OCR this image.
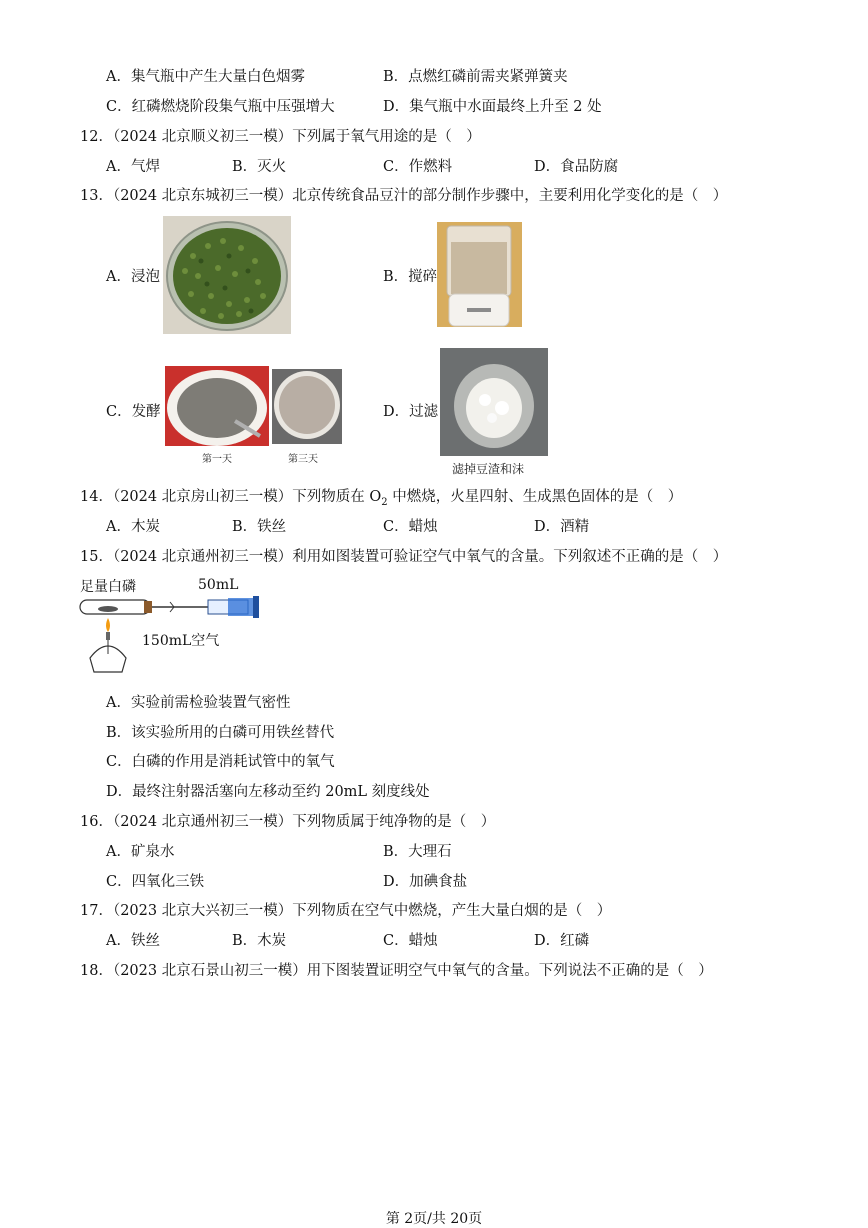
A．集气瓶中产生大量白色烟雾	B．点燃红磷前需夹紧弹簧夹
C．红磷燃烧阶段集气瓶中压强增大	D．集气瓶中水面最终上升至 2 处
12．（2024 北京顺义初三一模）下列属于氧气用途的是（　）
A．气焊	B．灭火	C．作燃料	D．食品防腐
13．（2024 北京东城初三一模）北京传统食品豆汁的部分制作步骤中，主要利用化学变化的是（　）
A．浸泡	B．搅碎
C．发酵
第一天	第三天
D．过滤
滤掉豆渣和沫
14．（2024 北京房山初三一模）下列物质在 $O_2$ 中燃烧，火星四射、生成黑色固体的是（　）
A．木炭	B．铁丝	C．蜡烛	D．酒精
15．（2024 北京通州初三一模）利用如图装置可验证空气中氧气的含量。下列叙述不正确的是（　）
足量白磷	50mL
150mL空气
A．实验前需检验装置气密性
B．该实验所用的白磷可用铁丝替代
C．白磷的作用是消耗试管中的氧气
D．最终注射器活塞向左移动至约 20mL 刻度线处
16．（2024 北京通州初三一模）下列物质属于纯净物的是（　）
A．矿泉水	B．大理石
C．四氧化三铁	D．加碘食盐
17．（2023 北京大兴初三一模）下列物质在空气中燃烧，产生大量白烟的是（　）
A．铁丝	B．木炭	C．蜡烛	D．红磷
18．（2023 北京石景山初三一模）用下图装置证明空气中氧气的含量。下列说法不正确的是（　）
第 2页/共 20页
